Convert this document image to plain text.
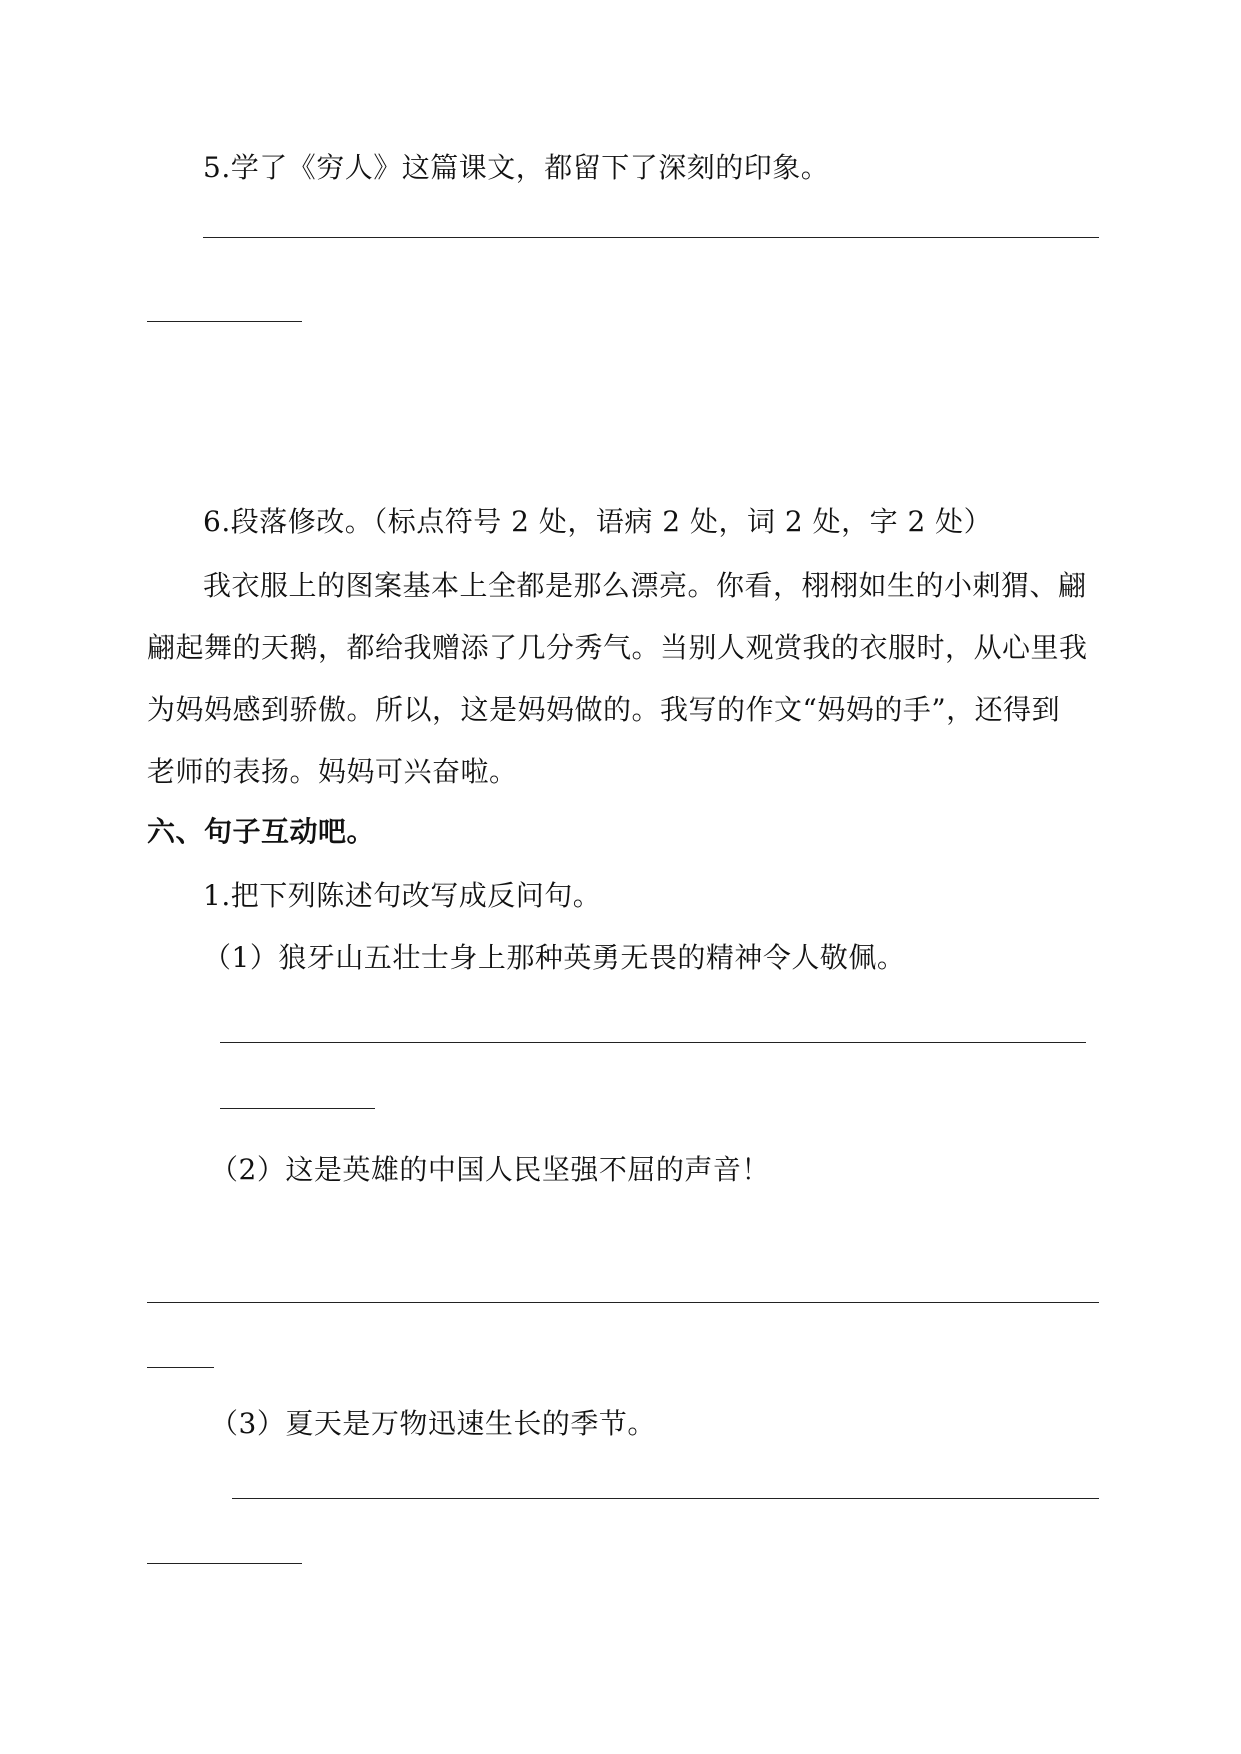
5.学了《穷人》这篇课文，都留下了深刻的印象。
6.段落修改。（标点符号 2 处，语病 2 处，词 2 处，字 2 处）
我衣服上的图案基本上全都是那么漂亮。你看，栩栩如生的小刺猬、翩
翩起舞的天鹅，都给我赠添了几分秀气。当别人观赏我的衣服时，从心里我
为妈妈感到骄傲。所以，这是妈妈做的。我写的作文“妈妈的手”，还得到
老师的表扬。妈妈可兴奋啦。
六、句子互动吧。
1.把下列陈述句改写成反问句。
（1）狼牙山五壮士身上那种英勇无畏的精神令人敬佩。
（2）这是英雄的中国人民坚强不屈的声音！
（3）夏天是万物迅速生长的季节。
